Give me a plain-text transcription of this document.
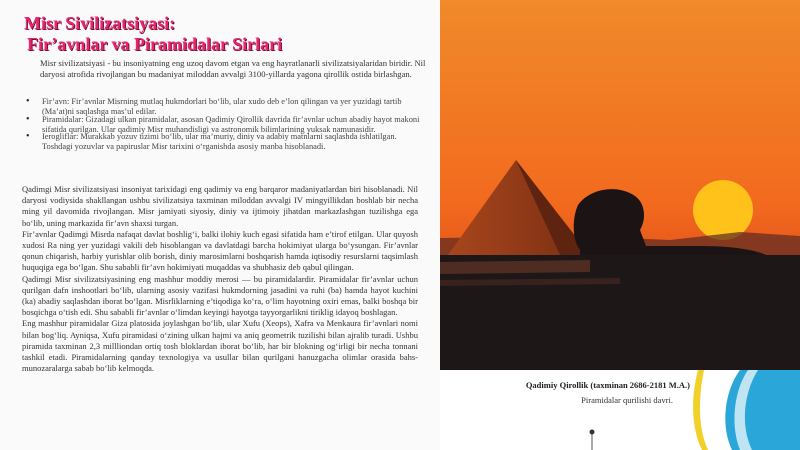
Misr Sivilizatsiyasi:
Fir’avnlar va Piramidalar Sirlari

Misr sivilizatsiyasi - bu insoniyatning eng uzoq davom etgan va eng hayratlanarli sivilizatsiyalaridan biridir. Nil daryosi atrofida rivojlangan bu madaniyat miloddan avvalgi 3100-yillarda yagona qirollik ostida birlashgan.

• Fir’avn: Fir’avnlar Misrning mutlaq hukmdorlari bo‘lib, ular xudo deb e’lon qilingan va yer yuzidagi tartib (Ma’at)ni saqlashga mas’ul edilar.
• Piramidalar: Gizadagi ulkan piramidalar, asosan Qadimiy Qirollik davrida fir’avnlar uchun abadiy hayot makoni sifatida qurilgan. Ular qadimiy Misr muhandisligi va astronomik bilimlarining yuksak namunasidir.
• Ierogliflar: Murakkab yozuv tizimi bo‘lib, ular ma’muriy, diniy va adabiy matnlarni saqlashda ishlatilgan. Toshdagi yozuvlar va papiruslar Misr tarixini o‘rganishda asosiy manba hisoblanadi.

Qadimgi Misr sivilizatsiyasi insoniyat tarixidagi eng qadimiy va eng barqaror madaniyatlardan biri hisoblanadi. Nil daryosi vodiysida shakllangan ushbu sivilizatsiya taxminan miloddan avvalgi IV mingyillikdan boshlab bir necha ming yil davomida rivojlangan. Misr jamiyati siyosiy, diniy va ijtimoiy jihatdan markazlashgan tuzilishga ega bo‘lib, uning markazida fir’avn shaxsi turgan.

Fir’avnlar Qadimgi Misrda nafaqat davlat boshlig‘i, balki ilohiy kuch egasi sifatida ham e’tirof etilgan. Ular quyosh xudosi Ra ning yer yuzidagi vakili deb hisoblangan va davlatdagi barcha hokimiyat ularga bo‘ysungan. Fir’avnlar qonun chiqarish, harbiy yurishlar olib borish, diniy marosimlarni boshqarish hamda iqtisodiy resurslarni taqsimlash huquqiga ega bo‘lgan. Shu sababli fir’avn hokimiyati muqaddas va shubhasiz deb qabul qilingan.

Qadimgi Misr sivilizatsiyasining eng mashhur moddiy merosi — bu piramidalardir. Piramidalar fir’avnlar uchun qurilgan dafn inshootlari bo‘lib, ularning asosiy vazifasi hukmdorning jasadini va ruhi (ba) hamda hayot kuchini (ka) abadiy saqlashdan iborat bo‘lgan. Misrliklarning e’tiqodiga ko‘ra, o‘lim hayotning oxiri emas, balki boshqa bir bosqichga o‘tish edi. Shu sababli fir’avnlar o‘limdan keyingi hayotga tayyorgarlikni tiriklig idayoq boshlagan.

Eng mashhur piramidalar Giza platosida joylashgan bo‘lib, ular Xufu (Xeops), Xafra va Menkaura fir’avnlari nomi bilan bog‘liq. Ayniqsa, Xufu piramidasi o‘zining ulkan hajmi va aniq geometrik tuzilishi bilan ajralib turadi. Ushbu piramida taxminan 2,3 millliondan ortiq tosh bloklardan iborat bo‘lib, har bir blokning og‘irligi bir necha tonnani tashkil etadi. Piramidalarning qanday texnologiya va usullar bilan qurilgani hanuzgacha olimlar orasida bahs-munozaralarga sabab bo‘lib kelmoqda.

Qadimiy Qirollik (taxminan 2686-2181 M.A.)

Piramidalar qurilishi davri.
